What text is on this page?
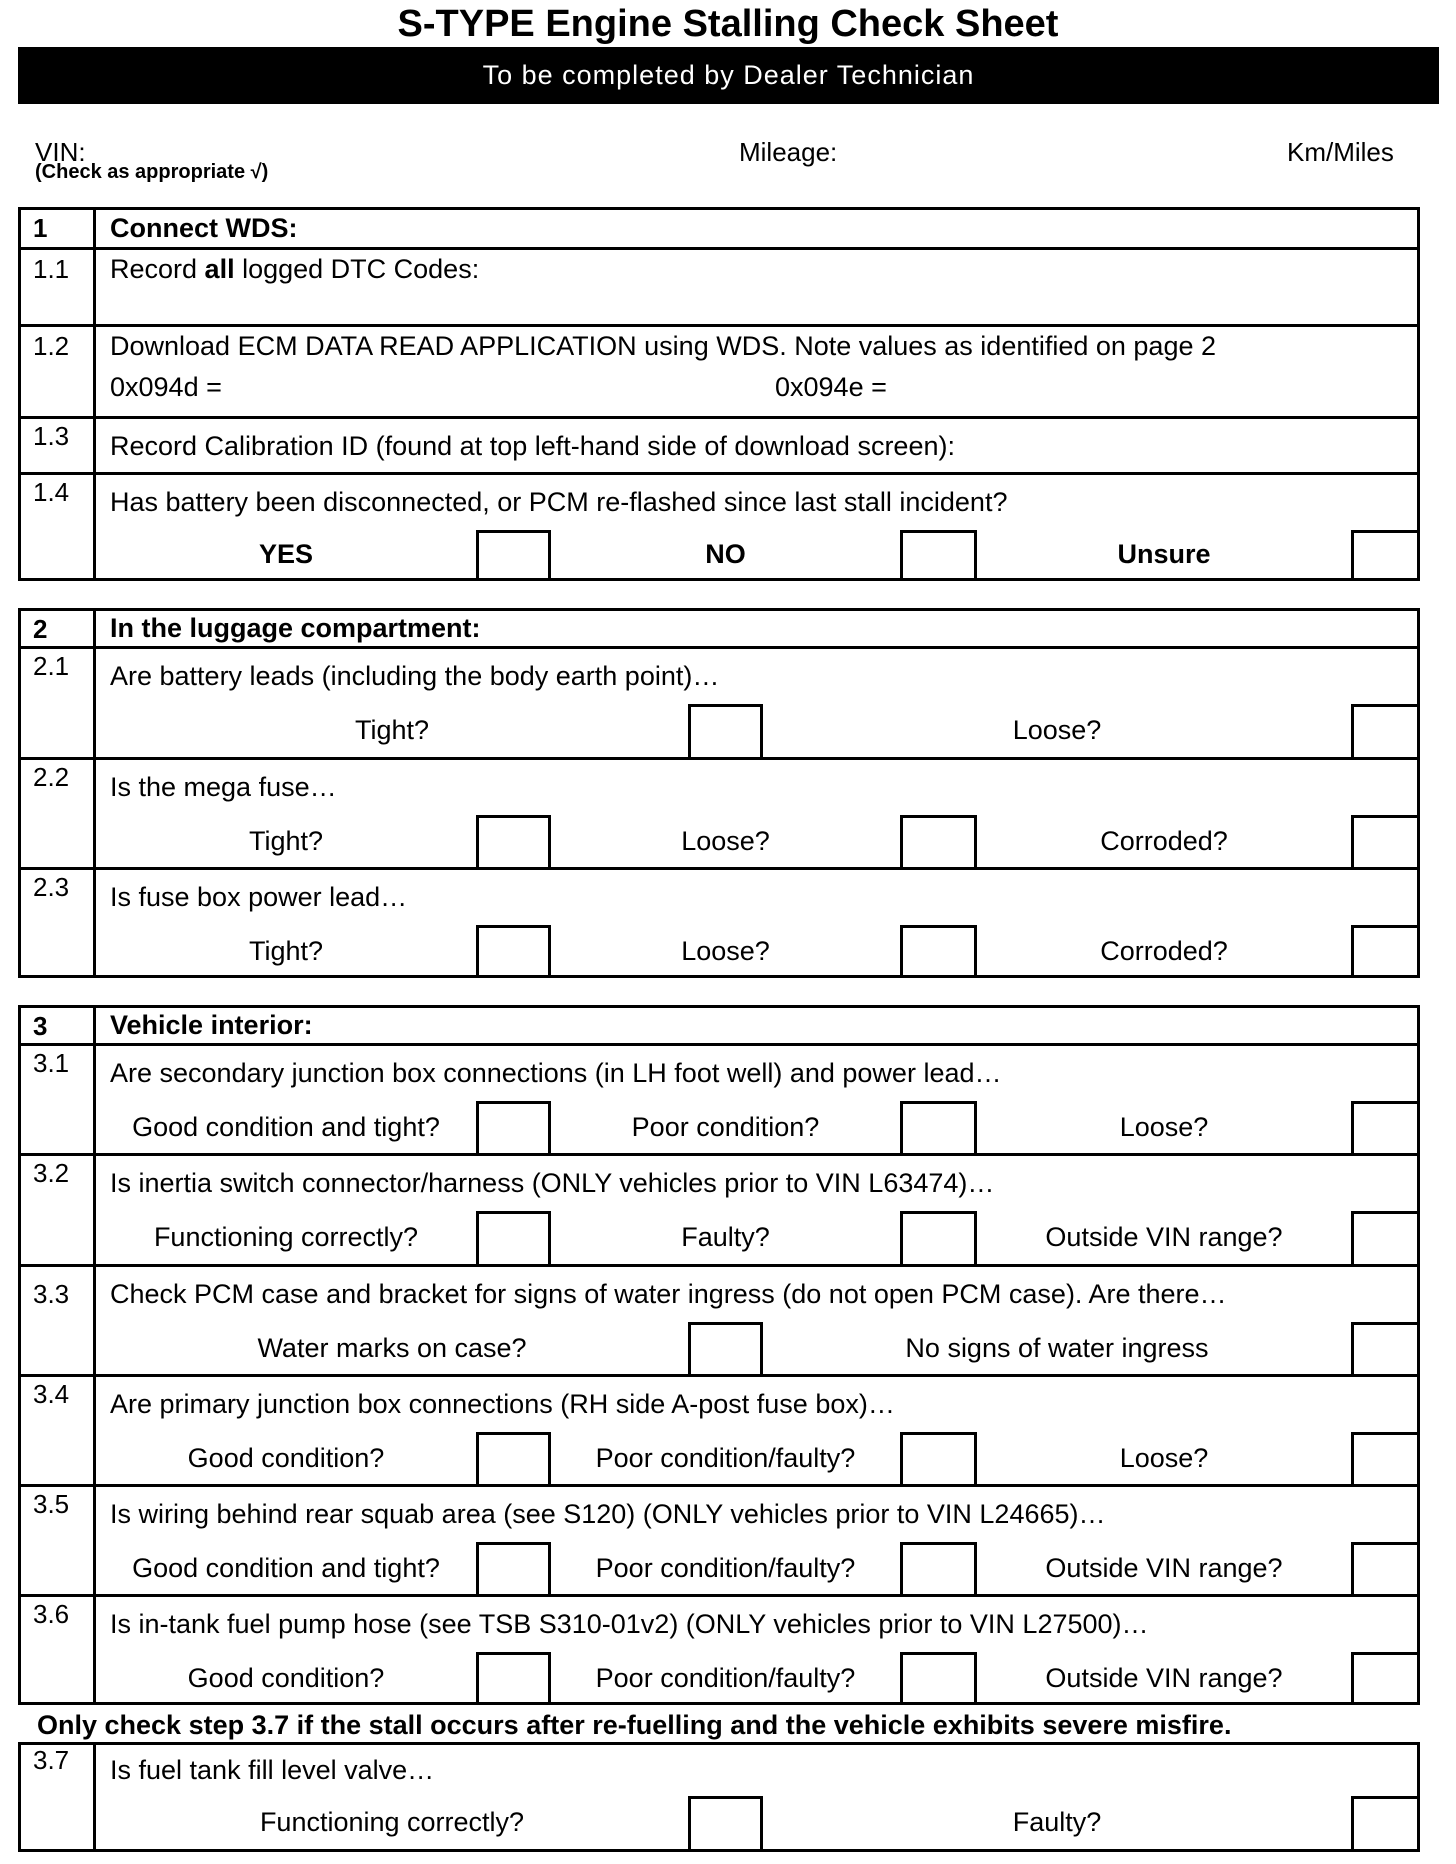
S-TYPE Engine Stalling Check Sheet
To be completed by Dealer Technician
VIN:	Mileage:	Km/Miles
(Check as appropriate √)
1	Connect WDS:
1.1	Record all logged DTC Codes:
1.2	Download ECM DATA READ APPLICATION using WDS. Note values as identified on page 2
0x094d =	0x094e =
1.3	Record Calibration ID (found at top left-hand side of download screen):
1.4	Has battery been disconnected, or PCM re-flashed since last stall incident?
YES	NO	Unsure
2	In the luggage compartment:
2.1	Are battery leads (including the body earth point)…
Tight?	Loose?
2.2	Is the mega fuse…
Tight?	Loose?	Corroded?
2.3	Is fuse box power lead…
Tight?	Loose?	Corroded?
3	Vehicle interior:
3.1	Are secondary junction box connections (in LH foot well) and power lead…
Good condition and tight?	Poor condition?	Loose?
3.2	Is inertia switch connector/harness (ONLY vehicles prior to VIN L63474)…
Functioning correctly?	Faulty?	Outside VIN range?
3.3	Check PCM case and bracket for signs of water ingress (do not open PCM case). Are there…
Water marks on case?	No signs of water ingress
3.4	Are primary junction box connections (RH side A-post fuse box)…
Good condition?	Poor condition/faulty?	Loose?
3.5	Is wiring behind rear squab area (see S120) (ONLY vehicles prior to VIN L24665)…
Good condition and tight?	Poor condition/faulty?	Outside VIN range?
3.6	Is in-tank fuel pump hose (see TSB S310-01v2) (ONLY vehicles prior to VIN L27500)…
Good condition?	Poor condition/faulty?	Outside VIN range?
Only check step 3.7 if the stall occurs after re-fuelling and the vehicle exhibits severe misfire.
3.7	Is fuel tank fill level valve…
Functioning correctly?	Faulty?
